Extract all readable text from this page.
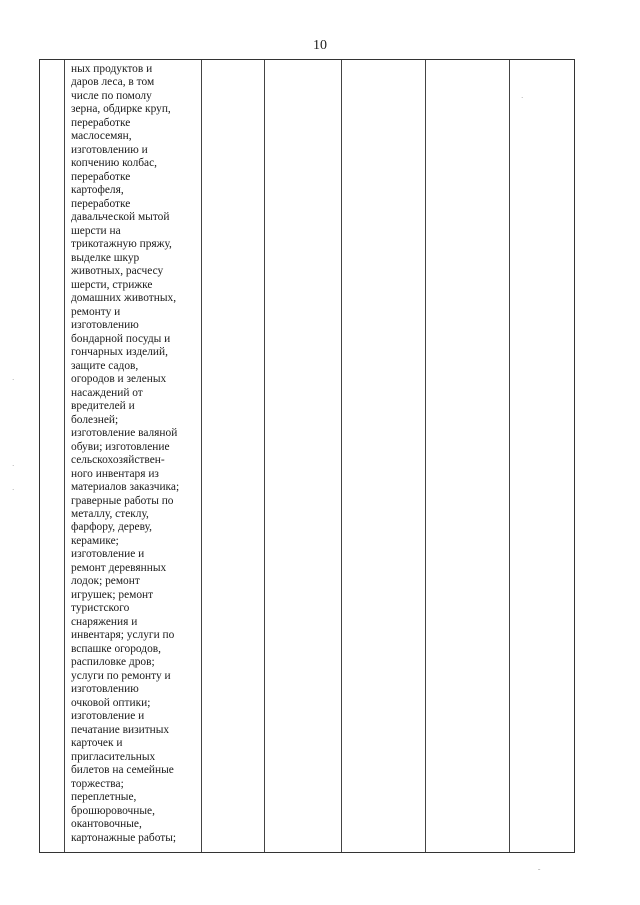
10
ных продуктов и
даров леса, в том
числе по помолу
зерна, обдирке круп,
переработке
маслосемян,
изготовлению и
копчению колбас,
переработке
картофеля,
переработке
давальческой мытой
шерсти на
трикотажную пряжу,
выделке шкур
животных, расчесу
шерсти, стрижке
домашних животных,
ремонту и
изготовлению
бондарной посуды и
гончарных изделий,
защите садов,
огородов и зеленых
насаждений от
вредителей и
болезней;
изготовление валяной
обуви; изготовление
сельскохозяйствен-
ного инвентаря из
материалов заказчика;
граверные работы по
металлу, стеклу,
фарфору, дереву,
керамике;
изготовление и
ремонт деревянных
лодок; ремонт
игрушек; ремонт
туристского
снаряжения и
инвентаря; услуги по
вспашке огородов,
распиловке дров;
услуги по ремонту и
изготовлению
очковой оптики;
изготовление и
печатание визитных
карточек и
пригласительных
билетов на семейные
торжества;
переплетные,
брошюровочные,
окантовочные,
картонажные работы;
·
·
·
·
ˇ
